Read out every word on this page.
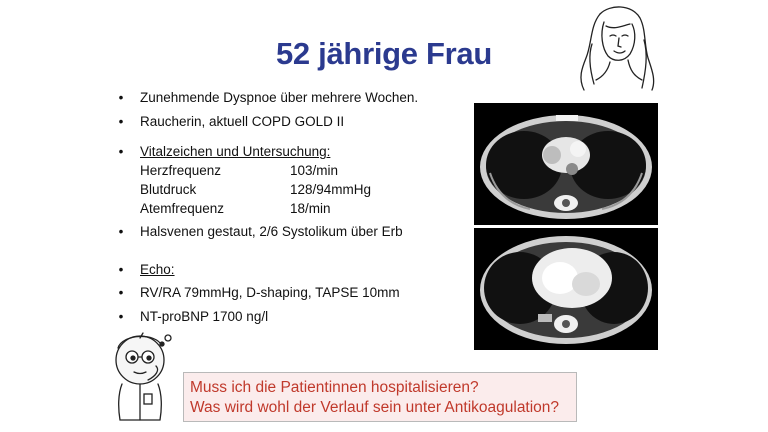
52 jährige Frau
• Zunehmende Dyspnoe über mehrere Wochen.
• Raucherin, aktuell COPD GOLD II
• Vitalzeichen und Untersuchung:
Herzfrequenz	103/min
Blutdruck	128/94mmHg
Atemfrequenz	18/min
• Halsvenen gestaut, 2/6 Systolikum über Erb
• Echo:
• RV/RA 79mmHg, D-shaping, TAPSE 10mm
• NT-proBNP 1700 ng/l
Muss ich die Patientinnen hospitalisieren?
Was wird wohl der Verlauf sein unter Antikoagulation?
